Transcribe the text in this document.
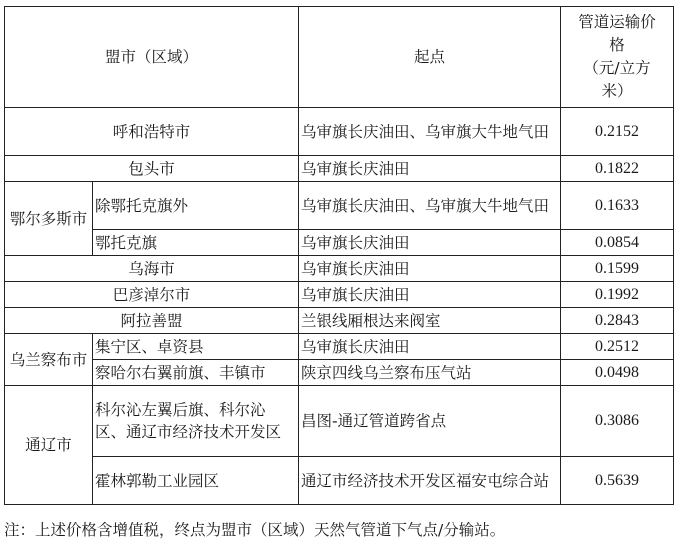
盟市（区域）		起点	管道运输价
格
（元/立方
米）

呼和浩特市		乌审旗长庆油田、乌审旗大牛地气田	0.2152
包头市		乌审旗长庆油田	0.1822
鄂尔多斯市	除鄂托克旗外	乌审旗长庆油田、乌审旗大牛地气田	0.1633
	鄂托克旗	乌审旗长庆油田	0.0854
乌海市		乌审旗长庆油田	0.1599
巴彦淖尔市		乌审旗长庆油田	0.1992
阿拉善盟		兰银线厢根达来阀室	0.2843
乌兰察布市	集宁区、卓资县	乌审旗长庆油田	0.2512
	察哈尔右翼前旗、丰镇市	陕京四线乌兰察布压气站	0.0498
通辽市	科尔沁左翼后旗、科尔沁区、通辽市经济技术开发区	昌图-通辽管道跨省点	0.3086
	霍林郭勒工业园区	通辽市经济技术开发区福安屯综合站	0.5639
注：上述价格含增值税，终点为盟市（区域）天然气管道下气点/分输站。
